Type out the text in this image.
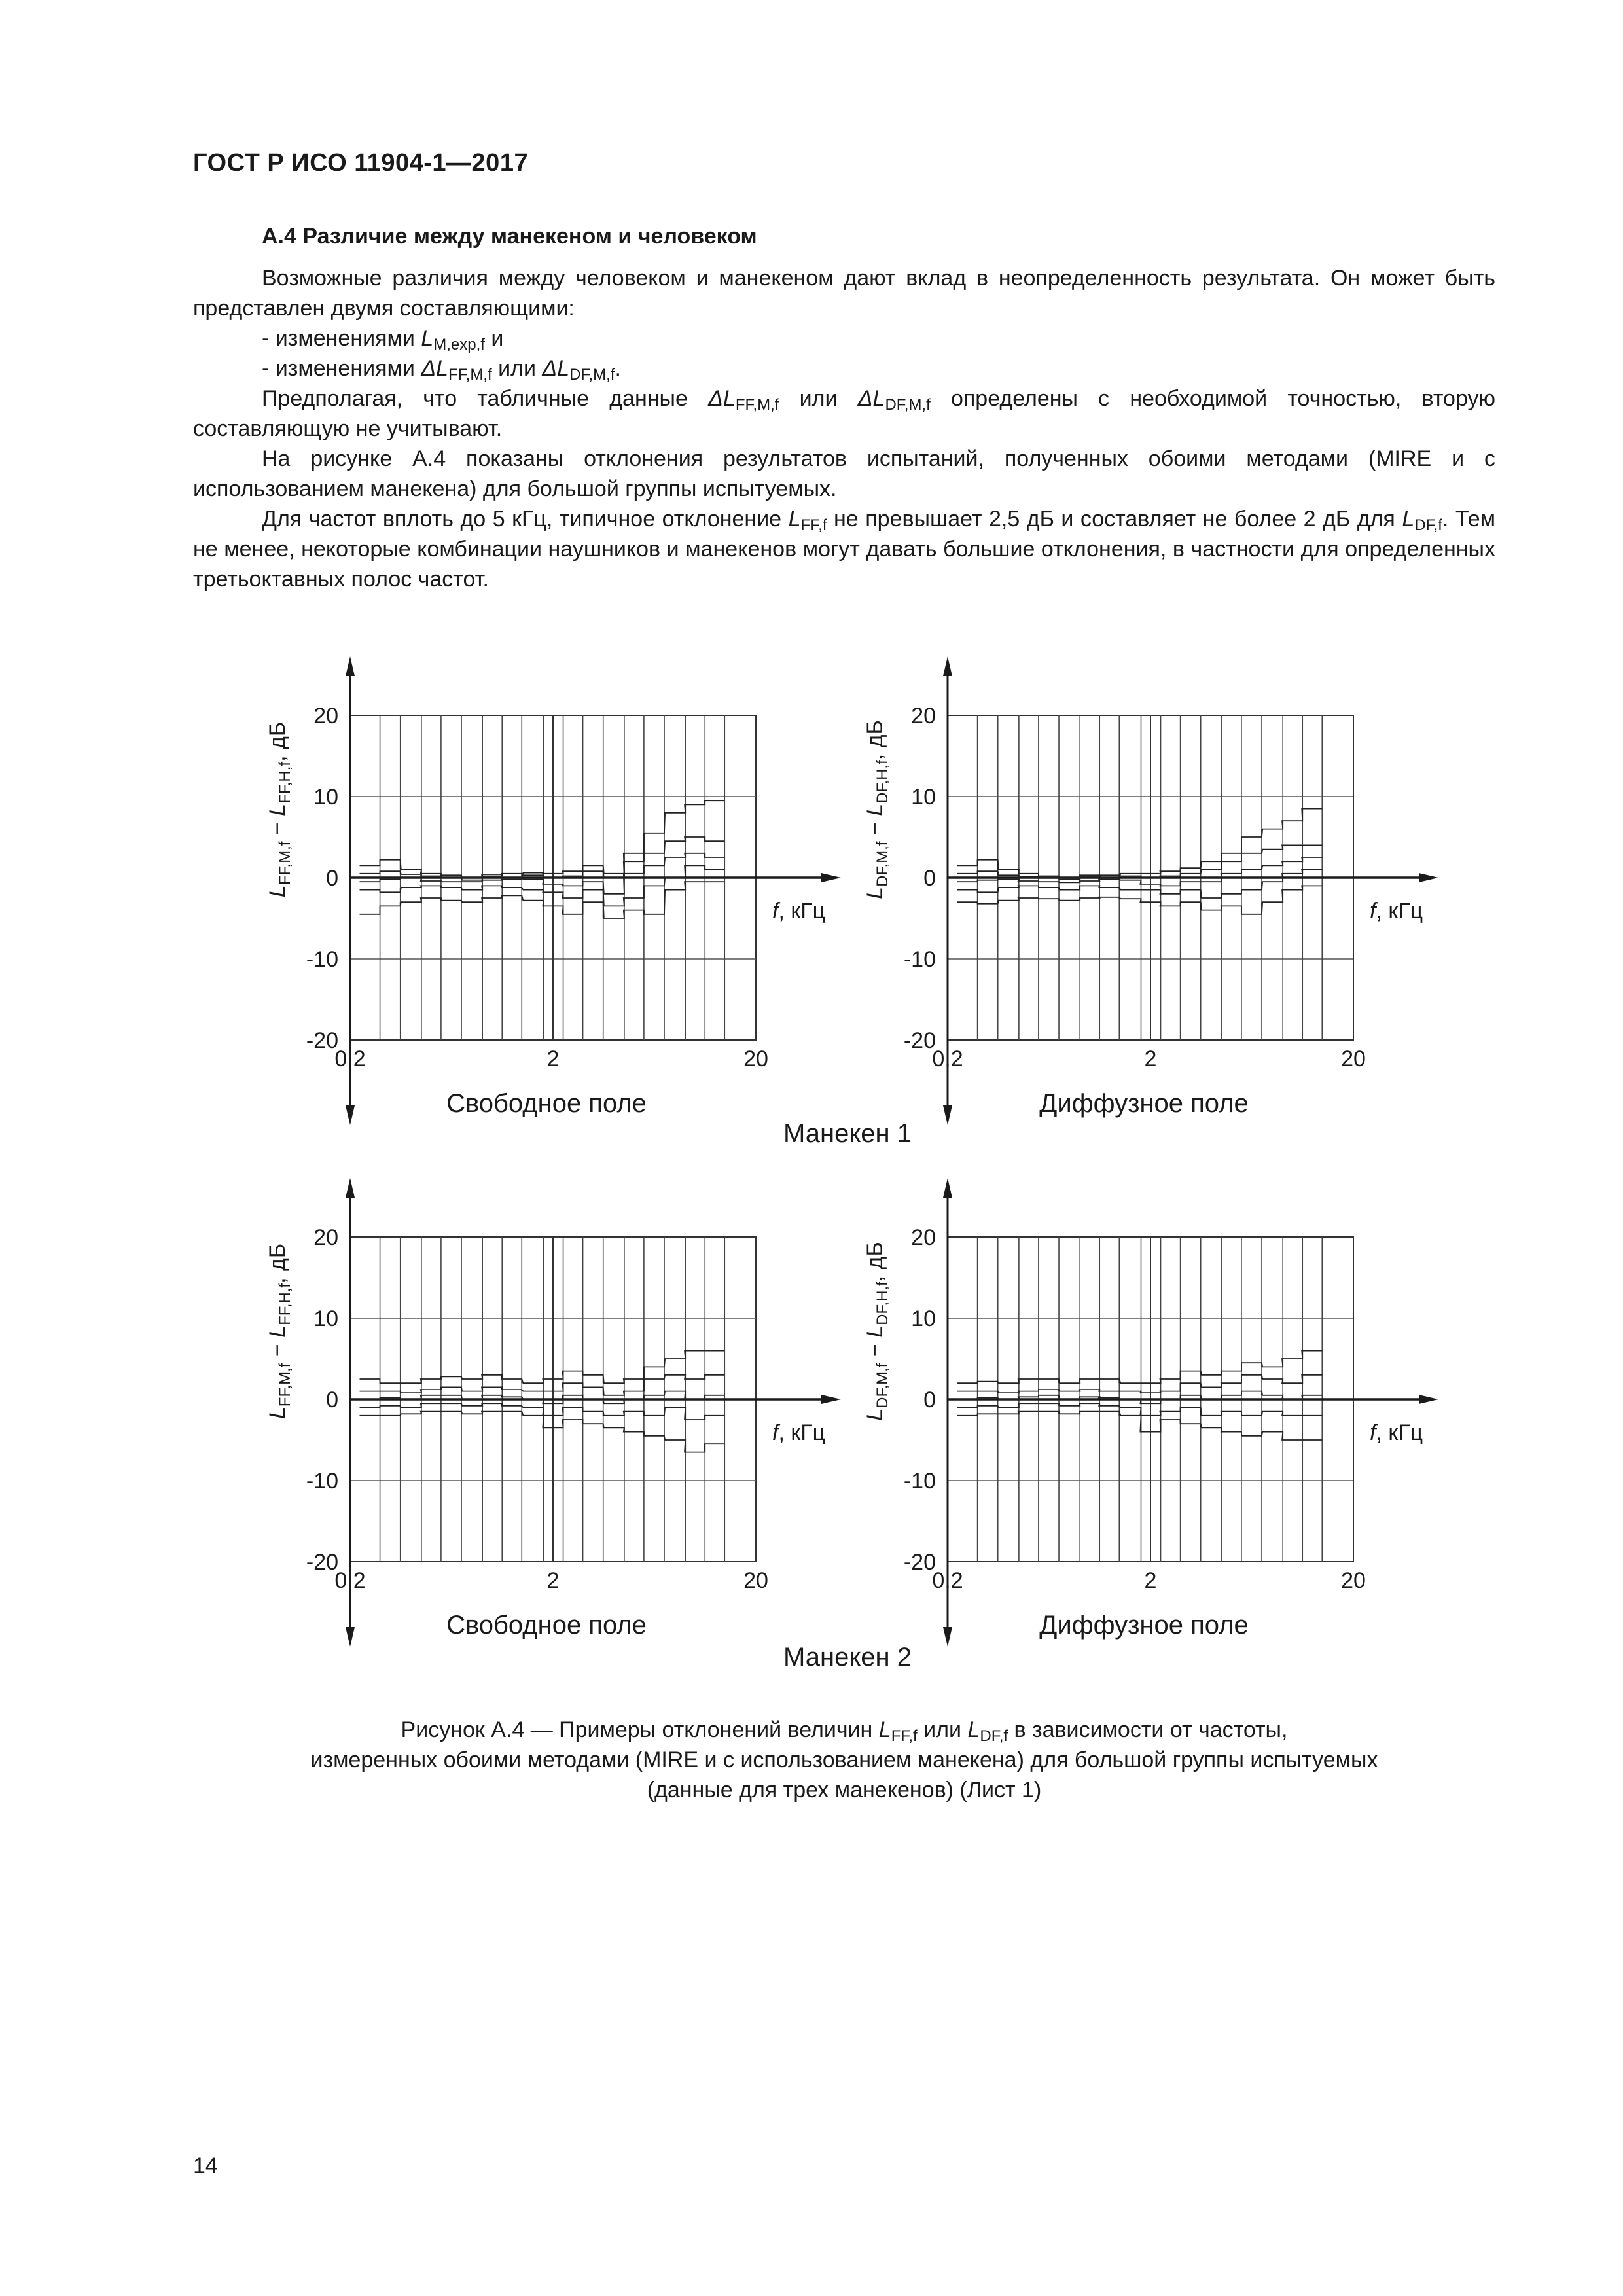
ГОСТ Р ИСО 11904-1—2017
А.4 Различие между манекеном и человеком

Возможные различия между человеком и манекеном дают вклад в неопределенность результата. Он может быть представлен двумя составляющими:

- изменениями $L_{M,exp,f}$ и

- изменениями $\Delta L_{FF,M,f}$ или $\Delta L_{DF,M,f}$.

Предполагая, что табличные данные $\Delta L_{FF,M,f}$ или $\Delta L_{DF,M,f}$ определены с необходимой точностью, вторую составляющую не учитывают.

На рисунке А.4 показаны отклонения результатов испытаний, полученных обоими методами (MIRE и с использованием манекена) для большой группы испытуемых.

Для частот вплоть до 5 кГц, типичное отклонение $L_{FF,f}$ не превышает 2,5 дБ и составляет не более 2 дБ для $L_{DF,f}$. Тем не менее, некоторые комбинации наушников и манекенов могут давать большие отклонения, в частности для определенных третьоктавных полос частот.

20
10
0
-10
-20
0,2	2	20
f, кГц
$L_{FF,M,f} - L_{FF,H,f}$, дБ
Свободное поле
20
10
0
-10
-20
0,2	2	20
f, кГц
$L_{DF,M,f} - L_{DF,H,f}$, дБ
Диффузное поле
20
10
0
-10
-20
0,2	2	20
f, кГц
$L_{FF,M,f} - L_{FF,H,f}$, дБ
Свободное поле
20
10
0
-10
-20
0,2	2	20
f, кГц
$L_{DF,M,f} - L_{DF,H,f}$, дБ
Диффузное поле
Манекен 1
Манекен 2
Рисунок А.4 — Примеры отклонений величин $L_{FF,f}$ или $L_{DF,f}$ в зависимости от частоты,
измеренных обоими методами (MIRE и с использованием манекена) для большой группы испытуемых
(данные для трех манекенов) (Лист 1)
14
